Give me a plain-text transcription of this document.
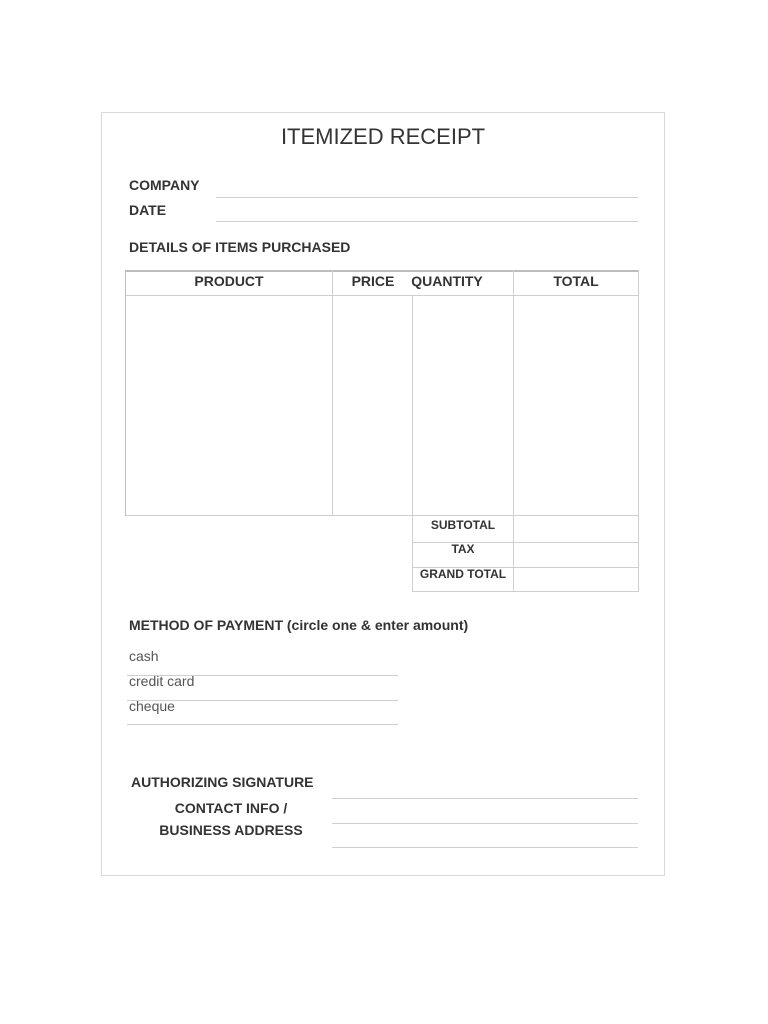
ITEMIZED RECEIPT
COMPANY
DATE
DETAILS OF ITEMS PURCHASED
PRODUCT	PRICE	QUANTITY	TOTAL
SUBTOTAL
TAX
GRAND TOTAL
METHOD OF PAYMENT (circle one & enter amount)
cash
credit card
cheque
AUTHORIZING SIGNATURE
CONTACT INFO /
BUSINESS ADDRESS
